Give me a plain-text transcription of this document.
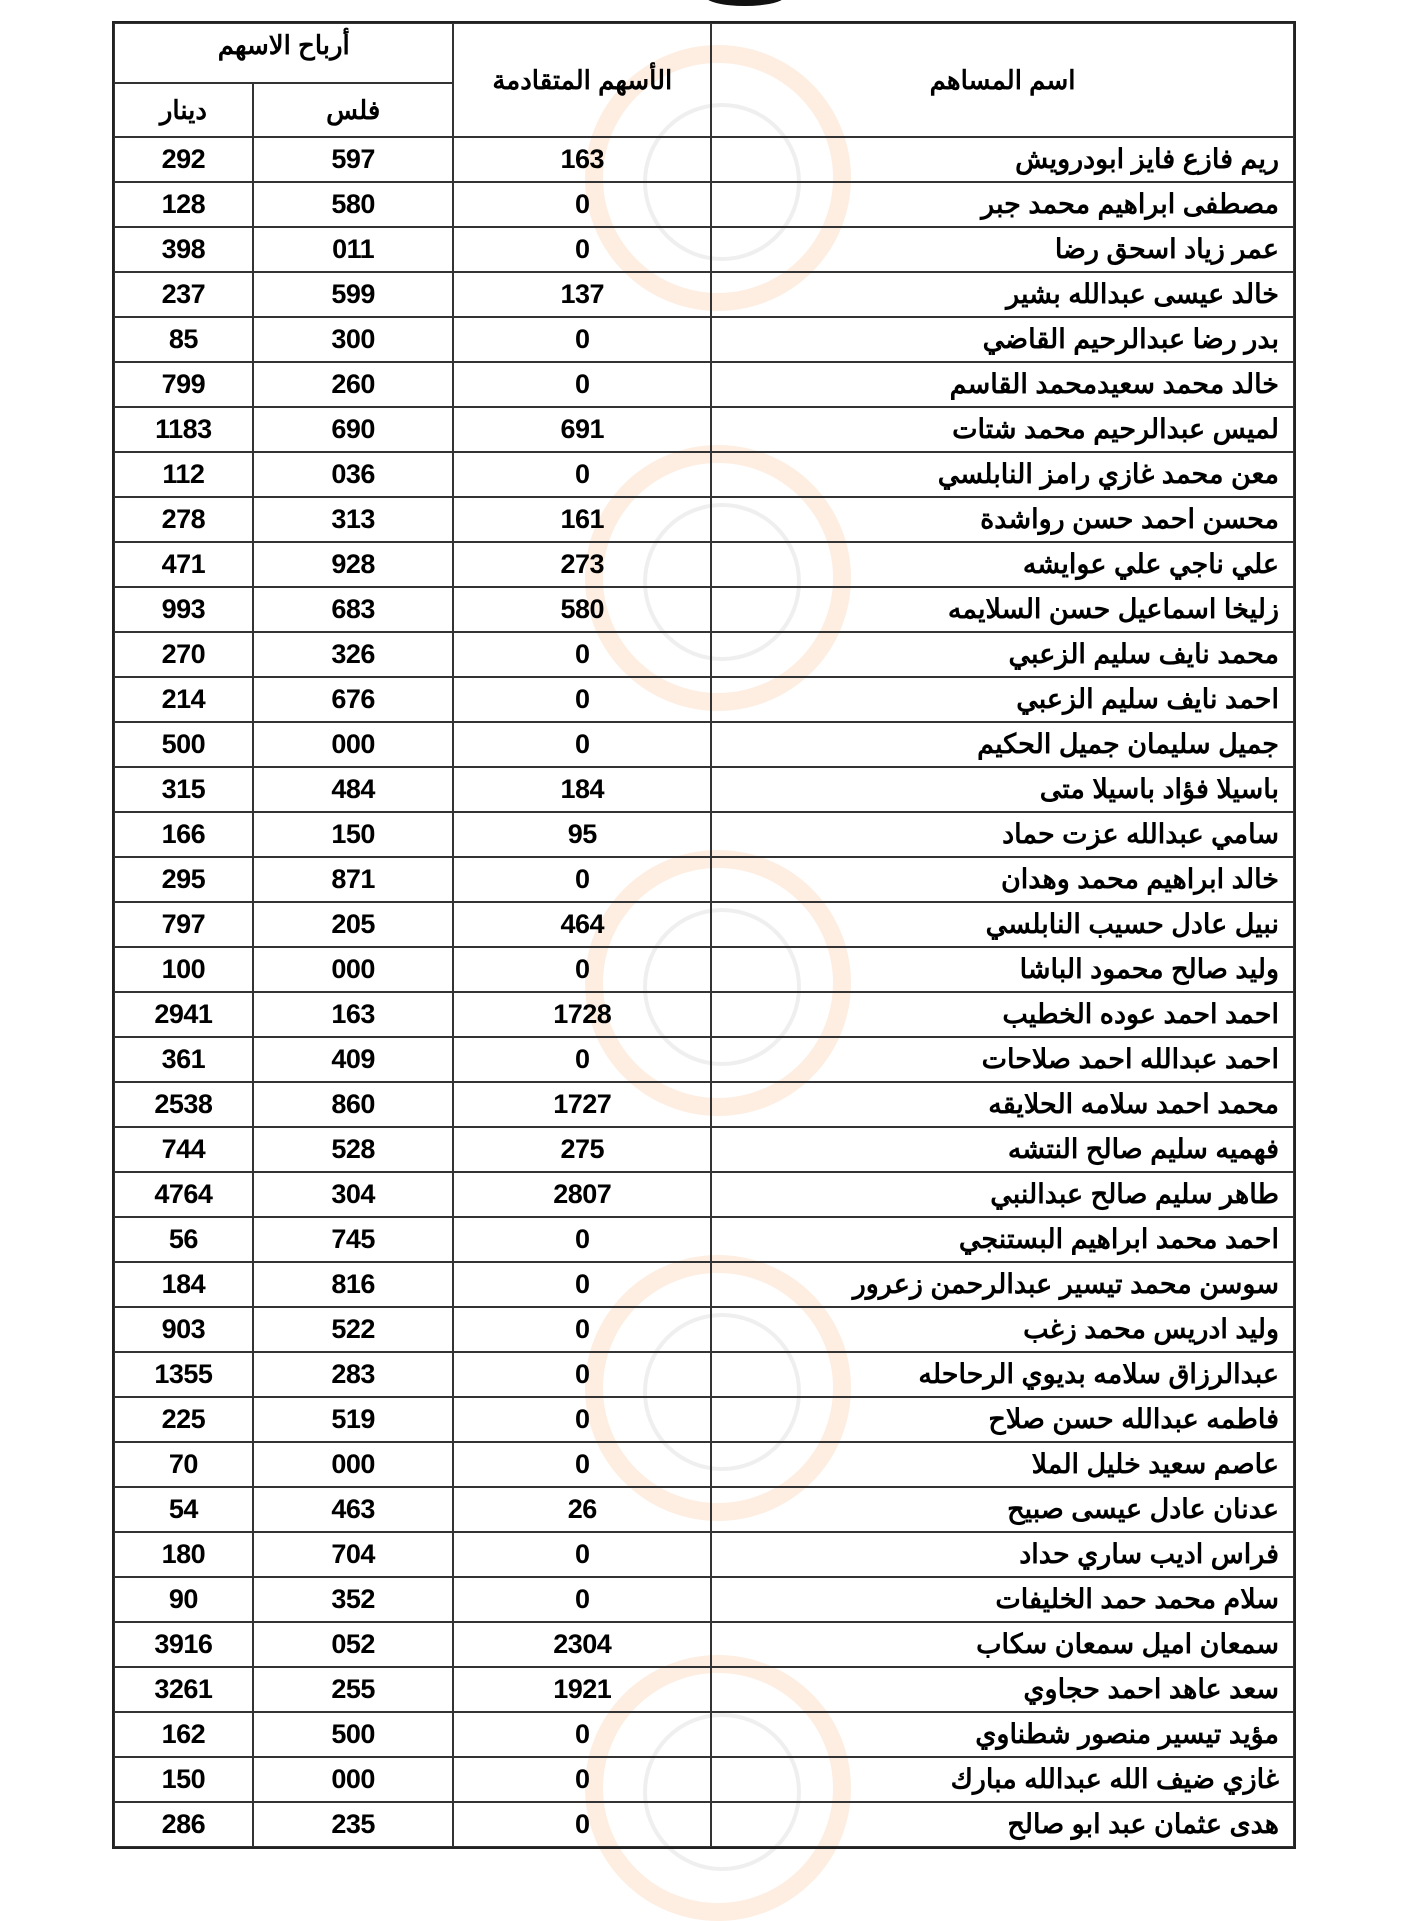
اسم المساهم	الأسهم المتقادمة	أرباح الاسهم	
		فلس	دينار
ريم فازع فايز ابودرويش	163	597	292
مصطفى ابراهيم محمد جبر	0	580	128
عمر زياد اسحق رضا	0	011	398
خالد عيسى عبدالله بشير	137	599	237
بدر رضا عبدالرحيم القاضي	0	300	85
خالد محمد سعيدمحمد القاسم	0	260	799
لميس عبدالرحيم محمد شتات	691	690	1183
معن محمد غازي رامز النابلسي	0	036	112
محسن احمد حسن رواشدة	161	313	278
علي ناجي علي عوايشه	273	928	471
زليخا اسماعيل حسن السلايمه	580	683	993
محمد نايف سليم الزعبي	0	326	270
احمد نايف سليم الزعبي	0	676	214
جميل سليمان جميل الحكيم	0	000	500
باسيلا فؤاد باسيلا متى	184	484	315
سامي عبدالله عزت حماد	95	150	166
خالد ابراهيم محمد وهدان	0	871	295
نبيل عادل حسيب النابلسي	464	205	797
وليد صالح محمود الباشا	0	000	100
احمد احمد عوده الخطيب	1728	163	2941
احمد عبدالله احمد صلاحات	0	409	361
محمد احمد سلامه الحلايقه	1727	860	2538
فهميه سليم صالح النتشه	275	528	744
طاهر سليم صالح عبدالنبي	2807	304	4764
احمد محمد ابراهيم البستنجي	0	745	56
سوسن محمد تيسير عبدالرحمن زعرور	0	816	184
وليد ادريس محمد زغب	0	522	903
عبدالرزاق سلامه بديوي الرحاحله	0	283	1355
فاطمه عبدالله حسن صلاح	0	519	225
عاصم سعيد خليل الملا	0	000	70
عدنان عادل عيسى صبيح	26	463	54
فراس اديب ساري حداد	0	704	180
سلام محمد حمد الخليفات	0	352	90
سمعان اميل سمعان سكاب	2304	052	3916
سعد عاهد احمد حجاوي	1921	255	3261
مؤيد تيسير منصور شطناوي	0	500	162
غازي ضيف الله عبدالله مبارك	0	000	150
هدى عثمان عبد ابو صالح	0	235	286
